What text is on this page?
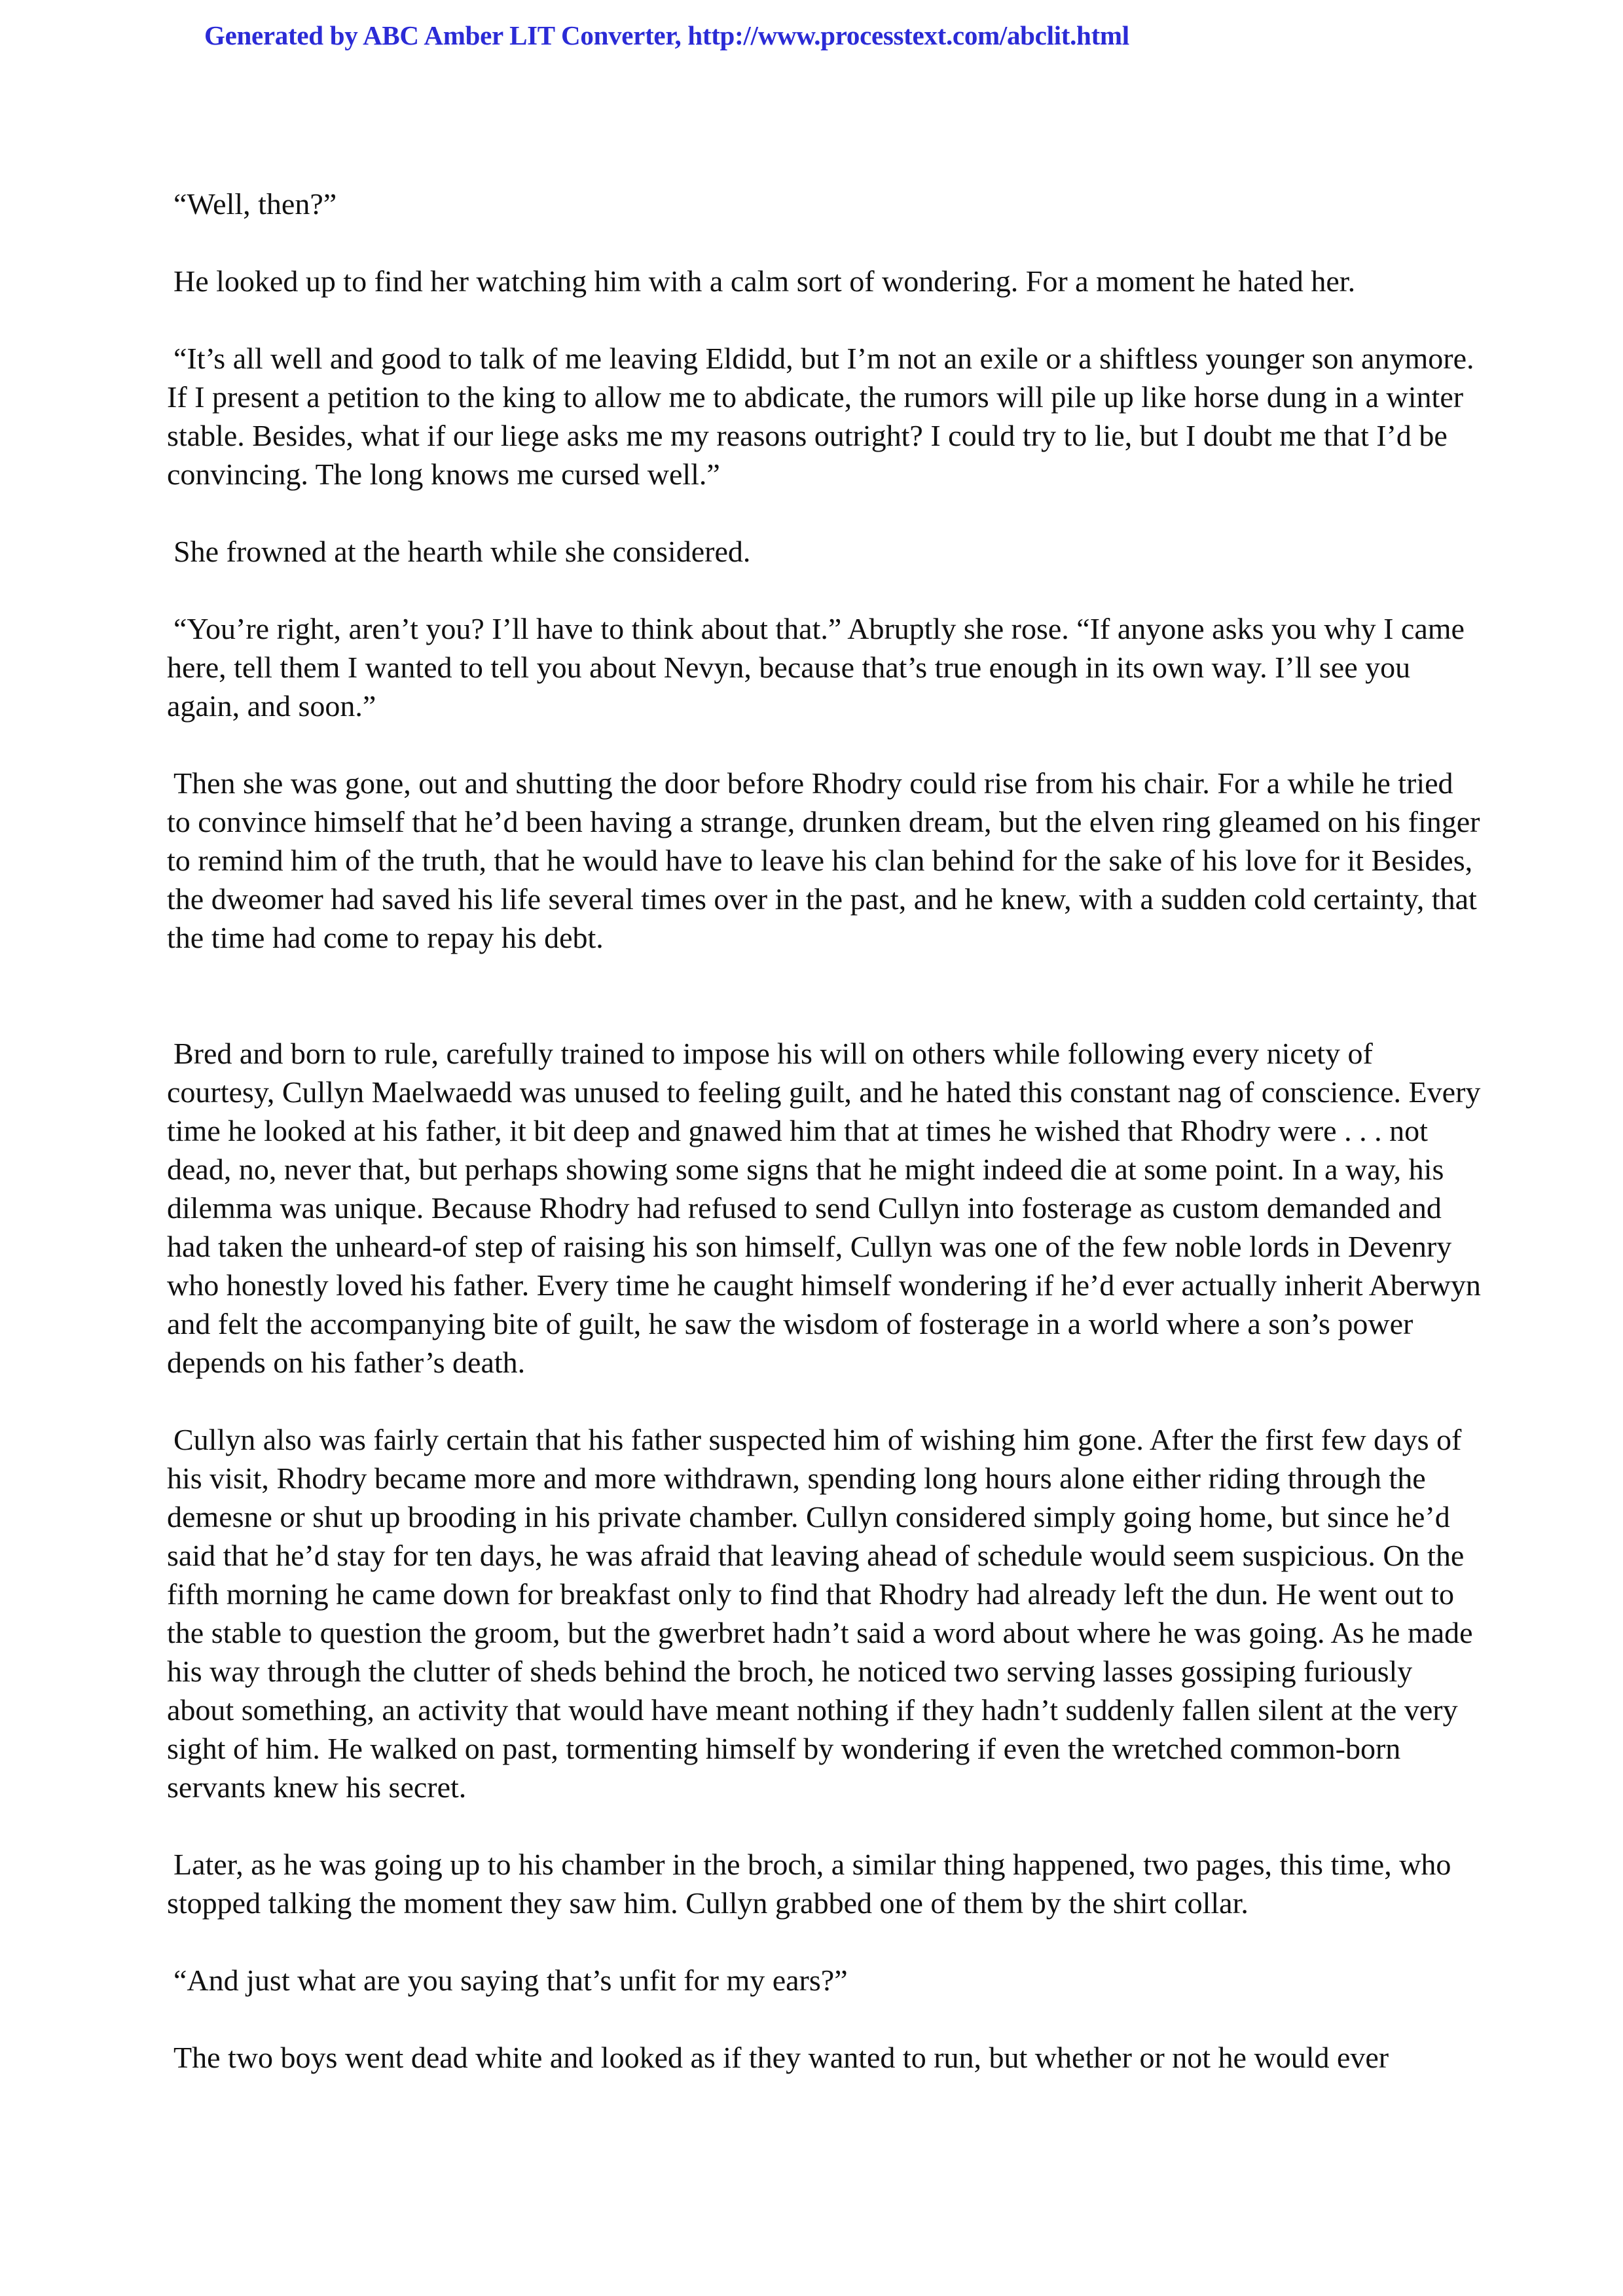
Generated by ABC Amber LIT Converter, http://www.processtext.com/abclit.html

“Well, then?”

He looked up to find her watching him with a calm sort of wondering. For a moment he hated her.

“It’s all well and good to talk of me leaving Eldidd, but I’m not an exile or a shiftless younger son anymore. If I present a petition to the king to allow me to abdicate, the rumors will pile up like horse dung in a winter stable. Besides, what if our liege asks me my reasons outright? I could try to lie, but I doubt me that I’d be convincing. The long knows me cursed well.”

She frowned at the hearth while she considered.

“You’re right, aren’t you? I’ll have to think about that.” Abruptly she rose. “If anyone asks you why I came here, tell them I wanted to tell you about Nevyn, because that’s true enough in its own way. I’ll see you again, and soon.”

Then she was gone, out and shutting the door before Rhodry could rise from his chair. For a while he tried to convince himself that he’d been having a strange, drunken dream, but the elven ring gleamed on his finger to remind him of the truth, that he would have to leave his clan behind for the sake of his love for it Besides, the dweomer had saved his life several times over in the past, and he knew, with a sudden cold certainty, that the time had come to repay his debt.

Bred and born to rule, carefully trained to impose his will on others while following every nicety of courtesy, Cullyn Maelwaedd was unused to feeling guilt, and he hated this constant nag of conscience. Every time he looked at his father, it bit deep and gnawed him that at times he wished that Rhodry were . . . not dead, no, never that, but perhaps showing some signs that he might indeed die at some point. In a way, his dilemma was unique. Because Rhodry had refused to send Cullyn into fosterage as custom demanded and had taken the unheard-of step of raising his son himself, Cullyn was one of the few noble lords in Devenry who honestly loved his father. Every time he caught himself wondering if he’d ever actually inherit Aberwyn and felt the accompanying bite of guilt, he saw the wisdom of fosterage in a world where a son’s power depends on his father’s death.

Cullyn also was fairly certain that his father suspected him of wishing him gone. After the first few days of his visit, Rhodry became more and more withdrawn, spending long hours alone either riding through the demesne or shut up brooding in his private chamber. Cullyn considered simply going home, but since he’d said that he’d stay for ten days, he was afraid that leaving ahead of schedule would seem suspicious. On the fifth morning he came down for breakfast only to find that Rhodry had already left the dun. He went out to the stable to question the groom, but the gwerbret hadn’t said a word about where he was going. As he made his way through the clutter of sheds behind the broch, he noticed two serving lasses gossiping furiously about something, an activity that would have meant nothing if they hadn’t suddenly fallen silent at the very sight of him. He walked on past, tormenting himself by wondering if even the wretched common-born servants knew his secret.

Later, as he was going up to his chamber in the broch, a similar thing happened, two pages, this time, who stopped talking the moment they saw him. Cullyn grabbed one of them by the shirt collar.

“And just what are you saying that’s unfit for my ears?”

The two boys went dead white and looked as if they wanted to run, but whether or not he would ever
